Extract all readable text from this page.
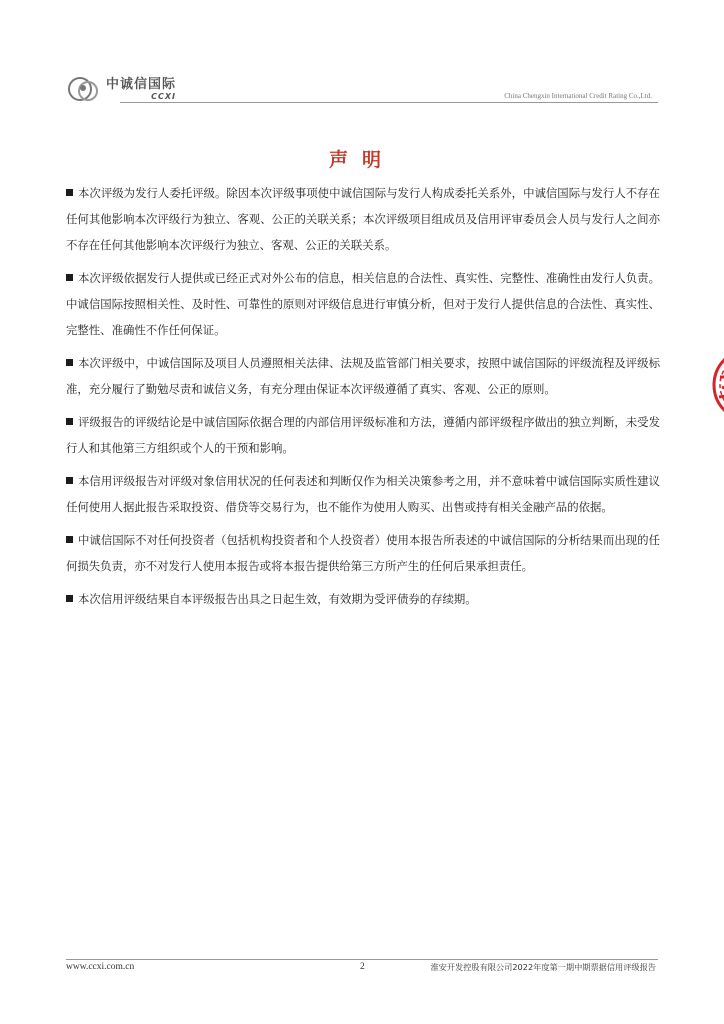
中诚信国际
CCXI	China Chengxin International Credit Rating Co.,Ltd.
声明

本次评级为发行人委托评级。除因本次评级事项使中诚信国际与发行人构成委托关系外，中诚信国际与发行人不存在任何其他影响本次评级行为独立、客观、公正的关联关系；本次评级项目组成员及信用评审委员会人员与发行人之间亦不存在任何其他影响本次评级行为独立、客观、公正的关联关系。

本次评级依据发行人提供或已经正式对外公布的信息，相关信息的合法性、真实性、完整性、准确性由发行人负责。中诚信国际按照相关性、及时性、可靠性的原则对评级信息进行审慎分析，但对于发行人提供信息的合法性、真实性、完整性、准确性不作任何保证。

本次评级中，中诚信国际及项目人员遵照相关法律、法规及监管部门相关要求，按照中诚信国际的评级流程及评级标准，充分履行了勤勉尽责和诚信义务，有充分理由保证本次评级遵循了真实、客观、公正的原则。

评级报告的评级结论是中诚信国际依据合理的内部信用评级标准和方法，遵循内部评级程序做出的独立判断，未受发行人和其他第三方组织或个人的干预和影响。

本信用评级报告对评级对象信用状况的任何表述和判断仅作为相关决策参考之用，并不意味着中诚信国际实质性建议任何使用人据此报告采取投资、借贷等交易行为，也不能作为使用人购买、出售或持有相关金融产品的依据。

中诚信国际不对任何投资者（包括机构投资者和个人投资者）使用本报告所表述的中诚信国际的分析结果而出现的任何损失负责，亦不对发行人使用本报告或将本报告提供给第三方所产生的任何后果承担责任。

本次信用评级结果自本评级报告出具之日起生效，有效期为受评债券的存续期。

www.ccxi.com.cn	2	淮安开发控股有限公司2022年度第一期中期票据信用评级报告
